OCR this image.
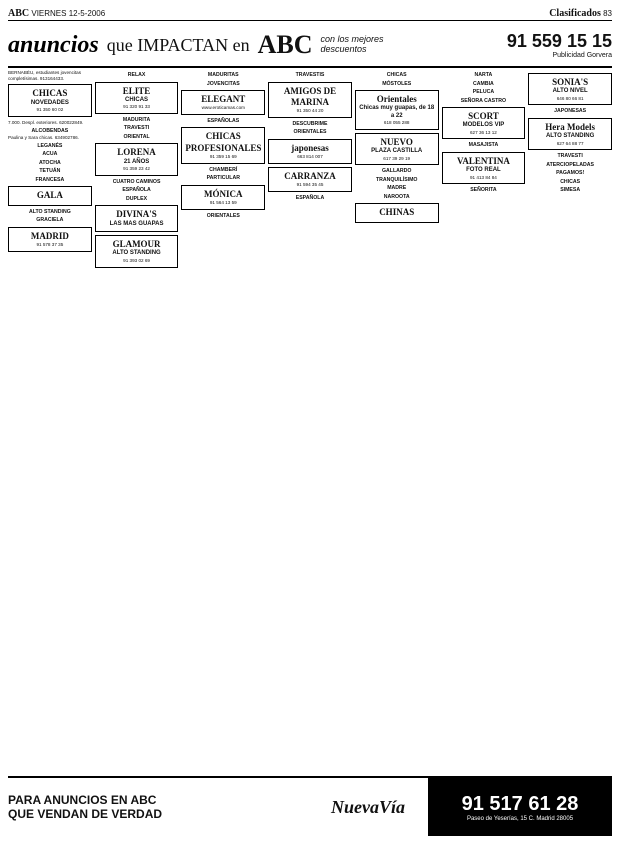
ABC VIERNES 12-5-2006	Clasificados 83
anuncios que IMPACTAN en ABC con los mejores descuentos	91 559 15 15
Publicidad Gorvera

BERNABÉU, estudiantes jovencitas completísimas. 913164433.

CHICAS
NOVEDADES
91 350 60 02

7.000. Despl. exteriores. 620022849.

ALCOBENDAS

Paulina y Sara chicas. 634902786.

LEGANÉS
ACUA
ATOCHA
TETUÁN
FRANCESA
GALA
ALTO STANDING
GRACIELA
MADRID
91 578 37 35
RELAX
ELITE
CHICAS
91 320 91 33
MADURITA
TRAVESTI
ORIENTAL
LORENA
21 AÑOS
91 359 23 42
CUATRO CAMINOS
ESPAÑOLA
DUPLEX
DIVINA'S
LAS MAS GUAPAS
GLAMOUR
ALTO STANDING
91 393 02 69
MADURITAS
JOVENCITAS
ELEGANT
www.eroticamas.com
ESPAÑOLAS
CHICAS PROFESIONALES
91 359 15 69
CHAMBERÍ
PARTICULAR
MÓNICA
91 564 13 59
ORIENTALES
TRAVESTIS
AMIGOS DE MARINA
91 350 44 20
DESCUBRIME
ORIENTALES
japonesas
663 814 007
CARRANZA
91 594 35 45
ESPAÑOLA
CHICAS
MÓSTOLES
Orientales
Chicas muy guapas, de 18 a 22
618 055 288
NUEVO
PLAZA CASTILLA
617 39 29 19
GALLARDO
TRANQUILÍSIMO
MADRE
NAROOTA
CHINAS
NARTA
CAMBIA
PELUCA
SEÑORA CASTRO
SCORT
MODELOS VIP
627 36 13 12
MASAJISTA
VALENTINA
FOTO REAL
91 413 84 84
SEÑORITA
SONIA'S
ALTO NIVEL
646 80 66 81
JAPONESAS
Hera Models
ALTO STANDING
627 64 88 77
TRAVESTI
ATERCIOPELADAS
PAGAMOS!
CHICAS
SIMESA
PARA ANUNCIOS EN ABC
QUE VENDAN DE VERDAD	NuevaVía	91 517 61 28
Paseo de Yeserías, 15 C. Madrid 28005
